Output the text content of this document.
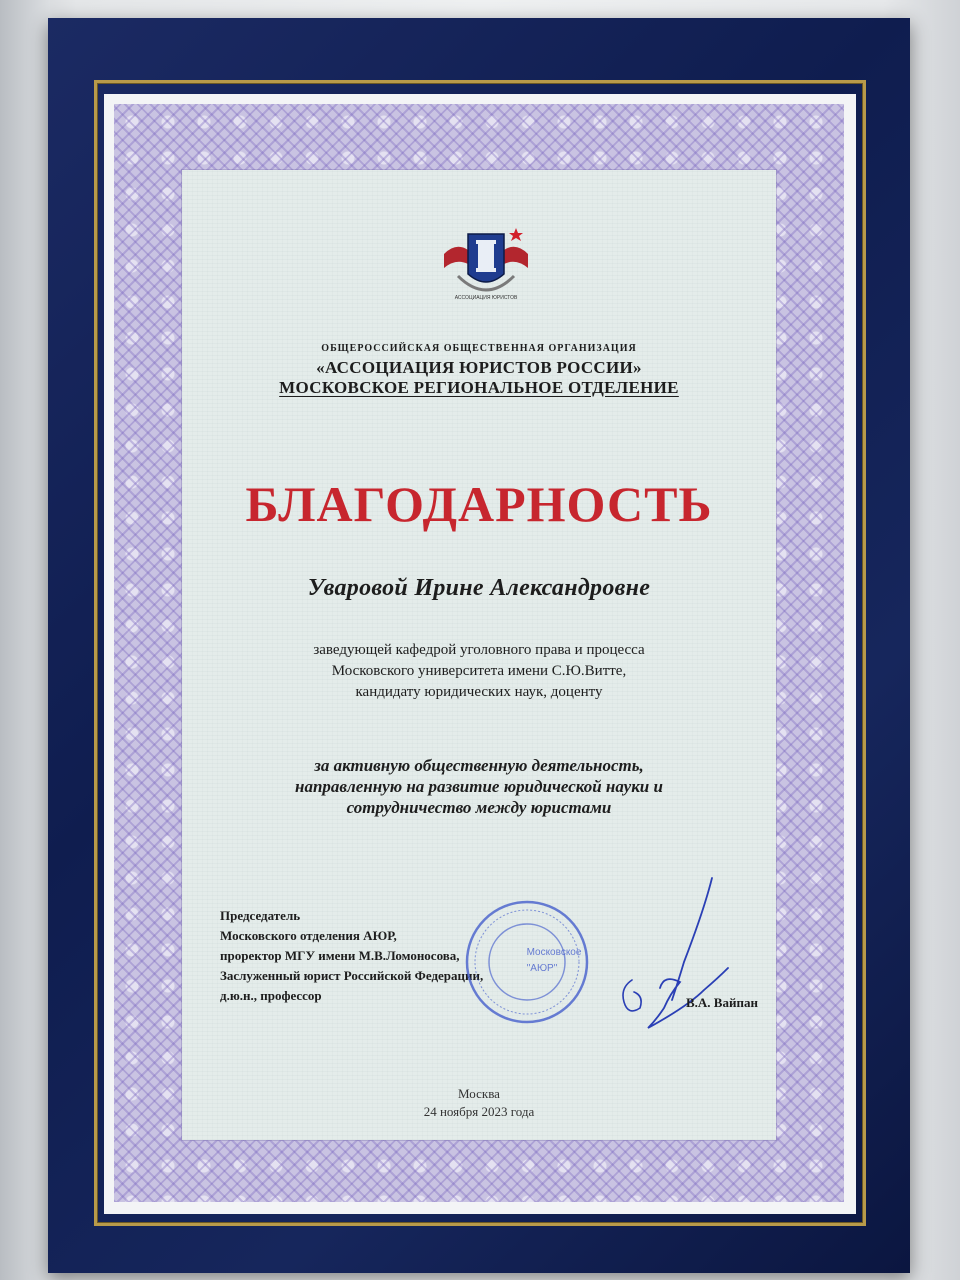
АССОЦИАЦИЯ ЮРИСТОВ
ОБЩЕРОССИЙСКАЯ ОБЩЕСТВЕННАЯ ОРГАНИЗАЦИЯ
«АССОЦИАЦИЯ ЮРИСТОВ РОССИИ»
МОСКОВСКОЕ РЕГИОНАЛЬНОЕ ОТДЕЛЕНИЕ
БЛАГОДАРНОСТЬ
Уваровой Ирине Александровне
заведующей кафедрой уголовного права и процесса
Московского университета имени С.Ю.Витте,
кандидату юридических наук, доценту
за активную общественную деятельность,
направленную на развитие юридической науки и
сотрудничество между юристами
Председатель
Московского отделения АЮР,
проректор МГУ имени М.В.Ломоносова,
Заслуженный юрист Российской Федерации,
д.ю.н., профессор
Московское
"АЮР"
В.А. Вайпан
Москва
24 ноября 2023 года
